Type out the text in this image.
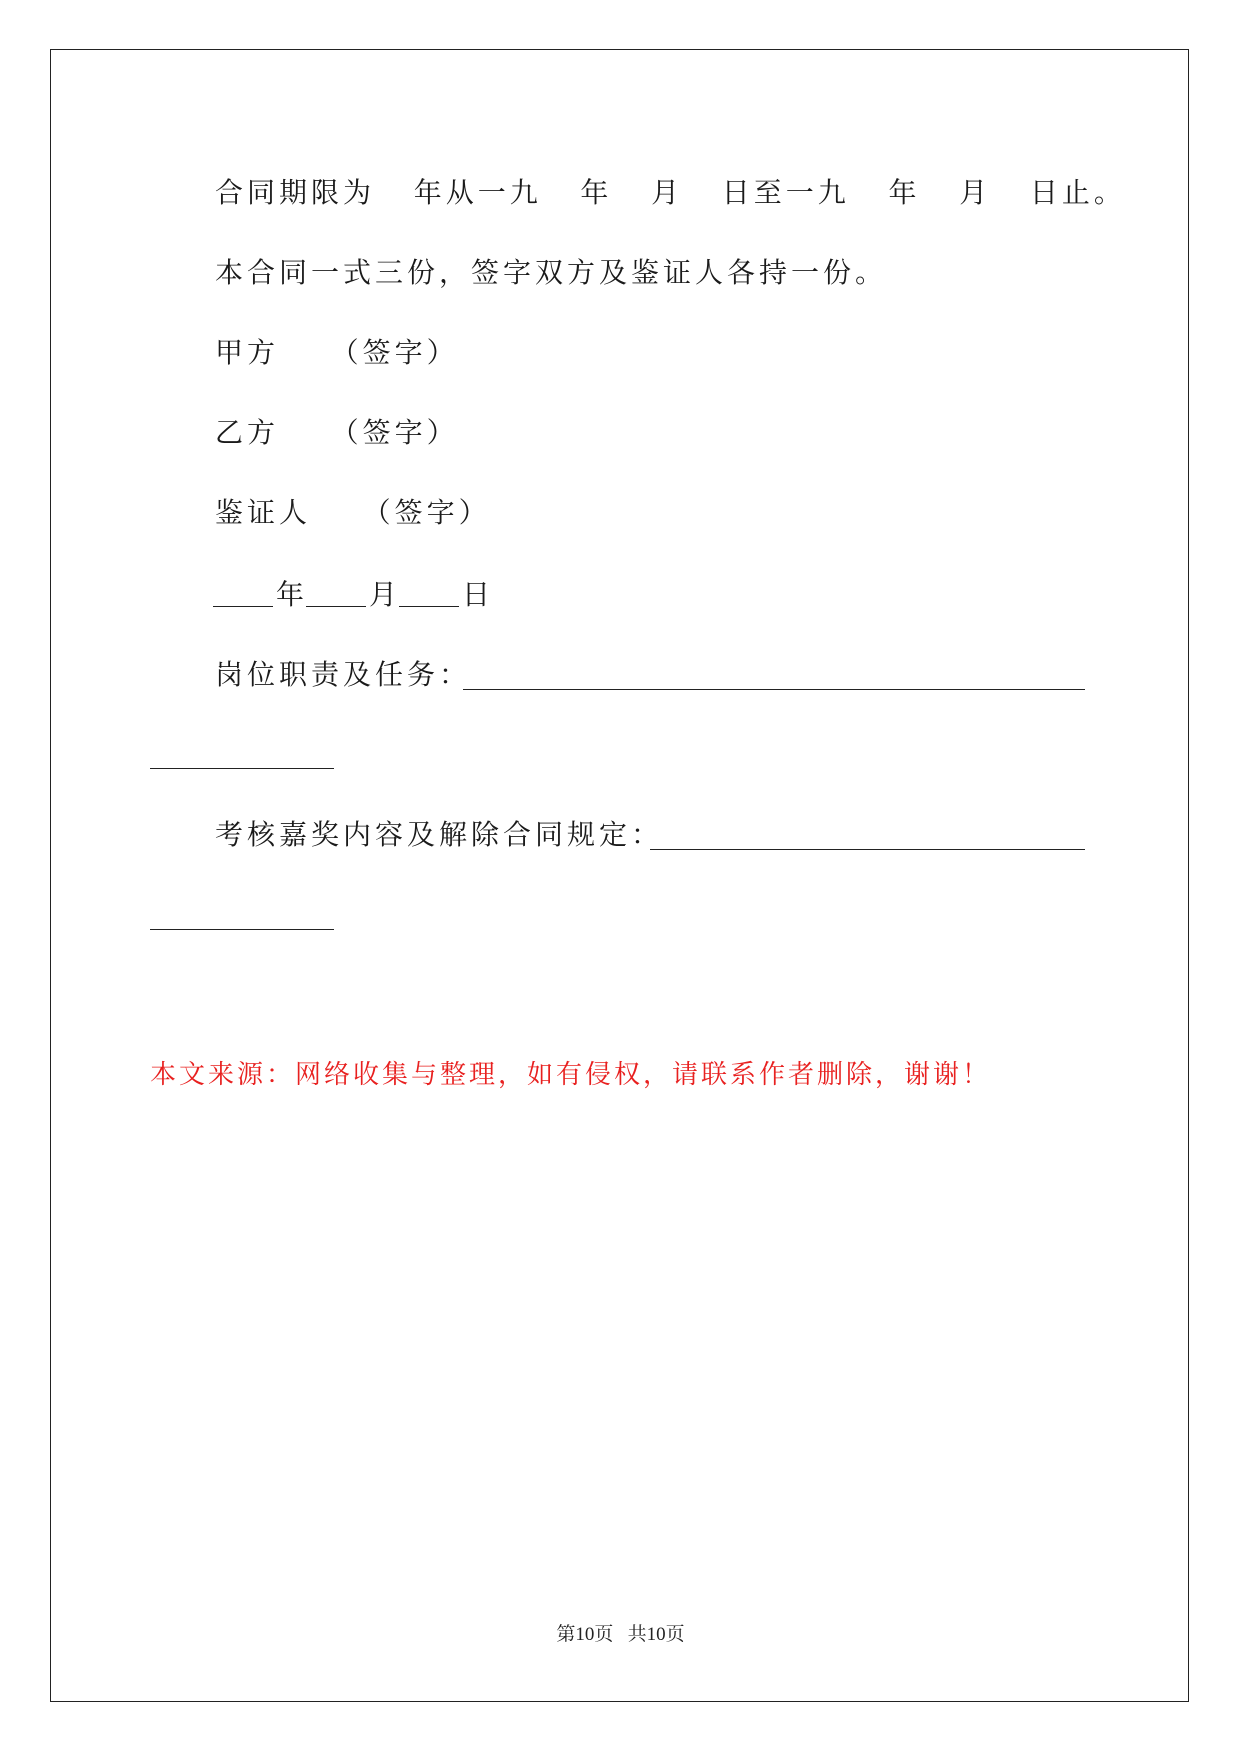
合同期限为   年从一九   年   月   日至一九   年   月   日止。
本合同一式三份，签字双方及鉴证人各持一份。
甲方    （签字）
乙方    （签字）
鉴证人    （签字）
年 月 日
岗位职责及任务：
考核嘉奖内容及解除合同规定：
本文来源：网络收集与整理，如有侵权，请联系作者删除，谢谢！
第10页   共10页
